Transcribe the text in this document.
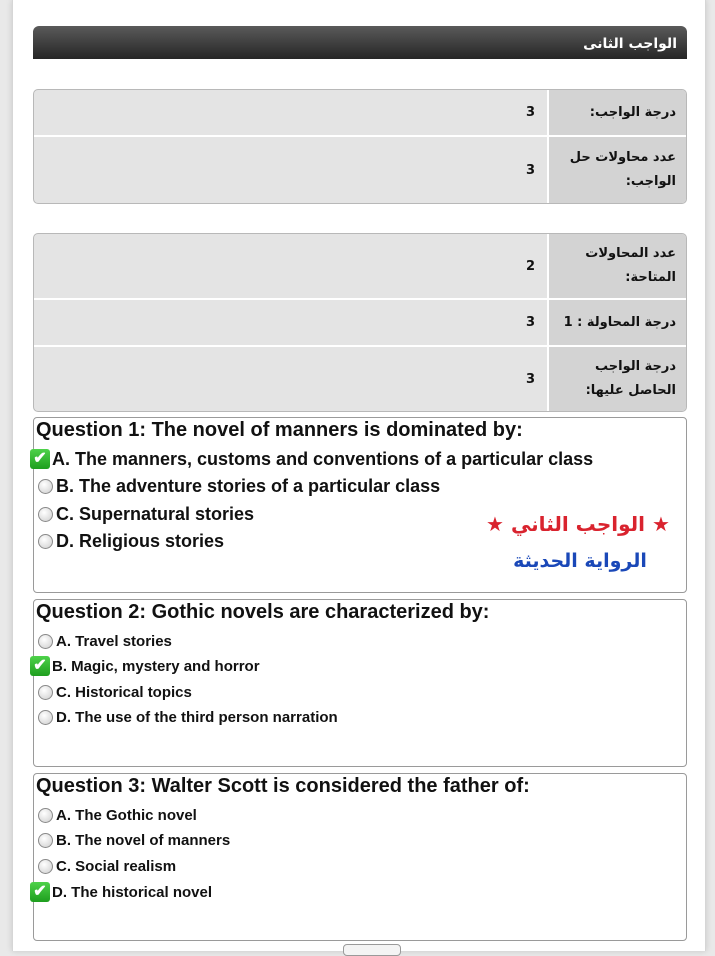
الواجب الثانى
درجة الواجب:
3
عدد محاولات حل الواجب:
3
عدد المحاولات المتاحة:
2
درجة المحاولة : 1
3
درجة الواجب الحاصل عليها:
3
Question 1: The novel of manners is dominated by:
✔ A. The manners, customs and conventions of a particular class
B. The adventure stories of a particular class
C. Supernatural stories
D. Religious stories
Question 2: Gothic novels are characterized by:
A. Travel stories
✔ B. Magic, mystery and horror
C. Historical topics
D. The use of the third person narration
Question 3: Walter Scott is considered the father of:
A. The Gothic novel
B. The novel of manners
C. Social realism
✔ D. The historical novel
★ الواجب الثاني ★
الرواية الحديثة
